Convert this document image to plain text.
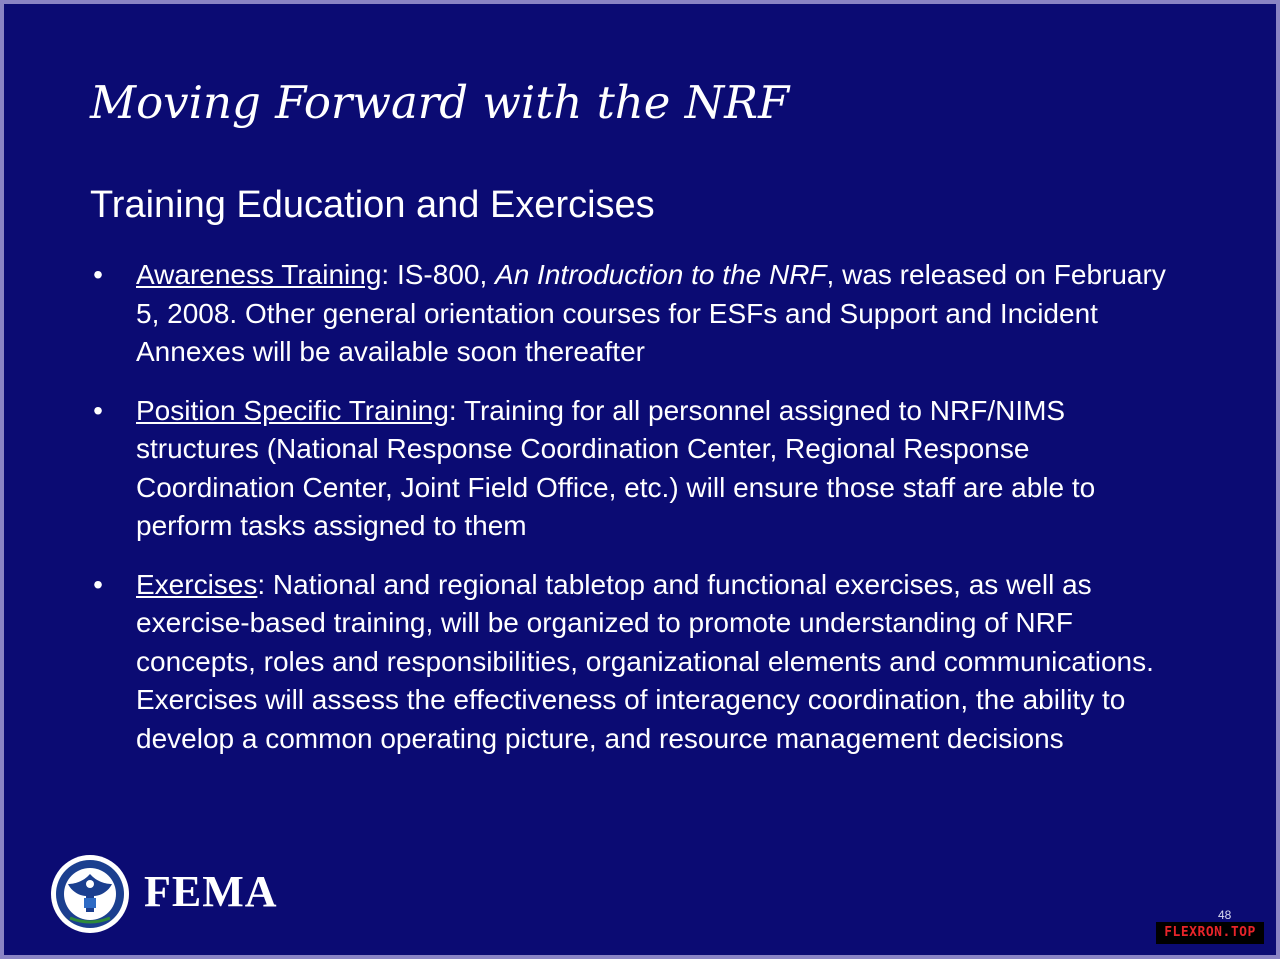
Moving Forward with the NRF
Training Education and Exercises
• Awareness Training: IS-800, An Introduction to the NRF, was released on February 5, 2008. Other general orientation courses for ESFs and Support and Incident Annexes will be available soon thereafter
• Position Specific Training: Training for all personnel assigned to NRF/NIMS structures (National Response Coordination Center, Regional Response Coordination Center, Joint Field Office, etc.) will ensure those staff are able to perform tasks assigned to them
• Exercises: National and regional tabletop and functional exercises, as well as exercise-based training, will be organized to promote understanding of NRF concepts, roles and responsibilities, organizational elements and communications. Exercises will assess the effectiveness of interagency coordination, the ability to develop a common operating picture, and resource management decisions
FEMA	48
FLEXRON.TOP
